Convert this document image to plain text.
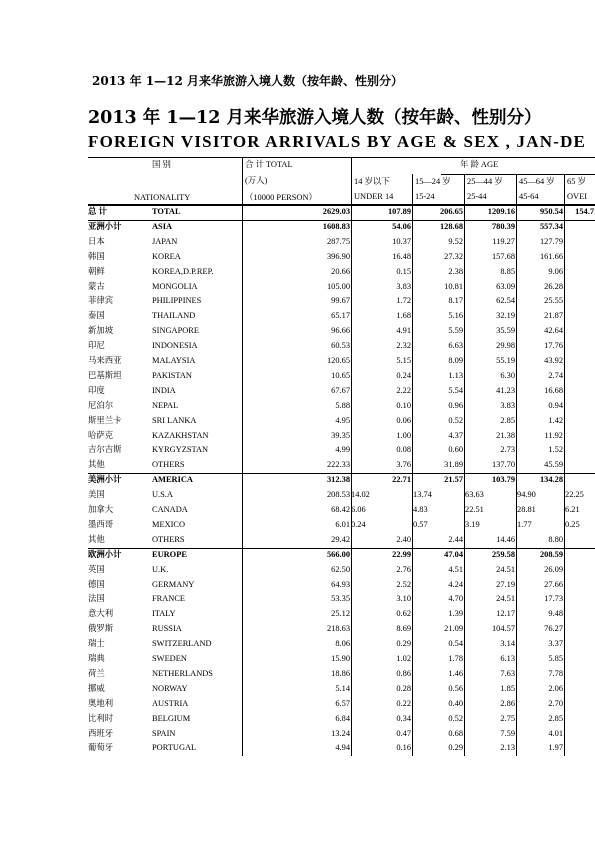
2013 年 1—12 月来华旅游入境人数（按年龄、性别分）
2013 年 1—12 月来华旅游入境人数（按年龄、性别分）
FOREIGN VISITOR ARRIVALS BY AGE & SEX , JAN-DE
国 别
NATIONALITY
合 计 TOTAL
(万人)
（10000 PERSON）
年 龄 AGE
14 岁以下
UNDER 14
15—24 岁
15-24
25—44 岁
25-44
45—64 岁
45-64
65 岁
OVEI
总 计	TOTAL	2629.03	107.89	206.65	1209.16	950.54 154.7
亚洲小计	ASIA	1608.83	54.06	128.68	780.39	557.34
日本	JAPAN	287.75	10.37	9.52	119.27	127.79
韩国	KOREA	396.90	16.48	27.32	157.68	161.66
朝鲜	KOREA,D.P.REP.	20.66	0.15	2.38	8.85	9.06
蒙古	MONGOLIA	105.00	3.83	10.81	63.09	26.28
菲律宾	PHILIPPINES	99.67	1.72	8.17	62.54	25.55
泰国	THAILAND	65.17	1.68	5.16	32.19	21.87
新加坡	SINGAPORE	96.66	4.91	5.59	35.59	42.64
印尼	INDONESIA	60.53	2.32	6.63	29.98	17.76
马来西亚	MALAYSIA	120.65	5.15	8.09	55.19	43.92
巴基斯坦	PAKISTAN	10.65	0.24	1.13	6.30	2.74
印度	INDIA	67.67	2.22	5.54	41.23	16.68
尼泊尔	NEPAL	5.88	0.10	0.96	3.83	0.94
斯里兰卡	SRI LANKA	4.95	0.06	0.52	2.85	1.42
哈萨克	KAZAKHSTAN	39.35	1.00	4.37	21.38	11.92
吉尔吉斯	KYRGYZSTAN	4.99	0.08	0.60	2.73	1.52
其他	OTHERS	222.33	3.76	31.89	137.70	45.59
美洲小计	AMERICA	312.38	22.71	21.57	103.79	134.28
美国	U.S.A	208.53 14.02	13.74	63.63	94.90	22.25
加拿大	CANADA	68.42 6.06	4.83	22.51	28.81	6.21
墨西哥	MEXICO	6.01 0.24	0.57	3.19	1.77	0.25
其他	OTHERS	29.42	2.40	2.44	14.46	8.80
欧洲小计	EUROPE	566.00	22.99	47.04	259.58	208.59
英国	U.K.	62.50	2.76	4.51	24.51	26.09
德国	GERMANY	64.93	2.52	4.24	27.19	27.66
法国	FRANCE	53.35	3.10	4.70	24.51	17.73
意大利	ITALY	25.12	0.62	1.39	12.17	9.48
俄罗斯	RUSSIA	218.63	8.69	21.09	104.57	76.27
瑞士	SWITZERLAND	8.06	0.29	0.54	3.14	3.37
瑞典	SWEDEN	15.90	1.02	1.78	6.13	5.85
荷兰	NETHERLANDS	18.86	0.86	1.46	7.63	7.78
挪威	NORWAY	5.14	0.28	0.56	1.85	2.06
奥地利	AUSTRIA	6.57	0.22	0.40	2.86	2.70
比利时	BELGIUM	6.84	0.34	0.52	2.75	2.85
西班牙	SPAIN	13.24	0.47	0.68	7.59	4.01
葡萄牙	PORTUGAL	4.94	0.16	0.29	2.13	1.97
